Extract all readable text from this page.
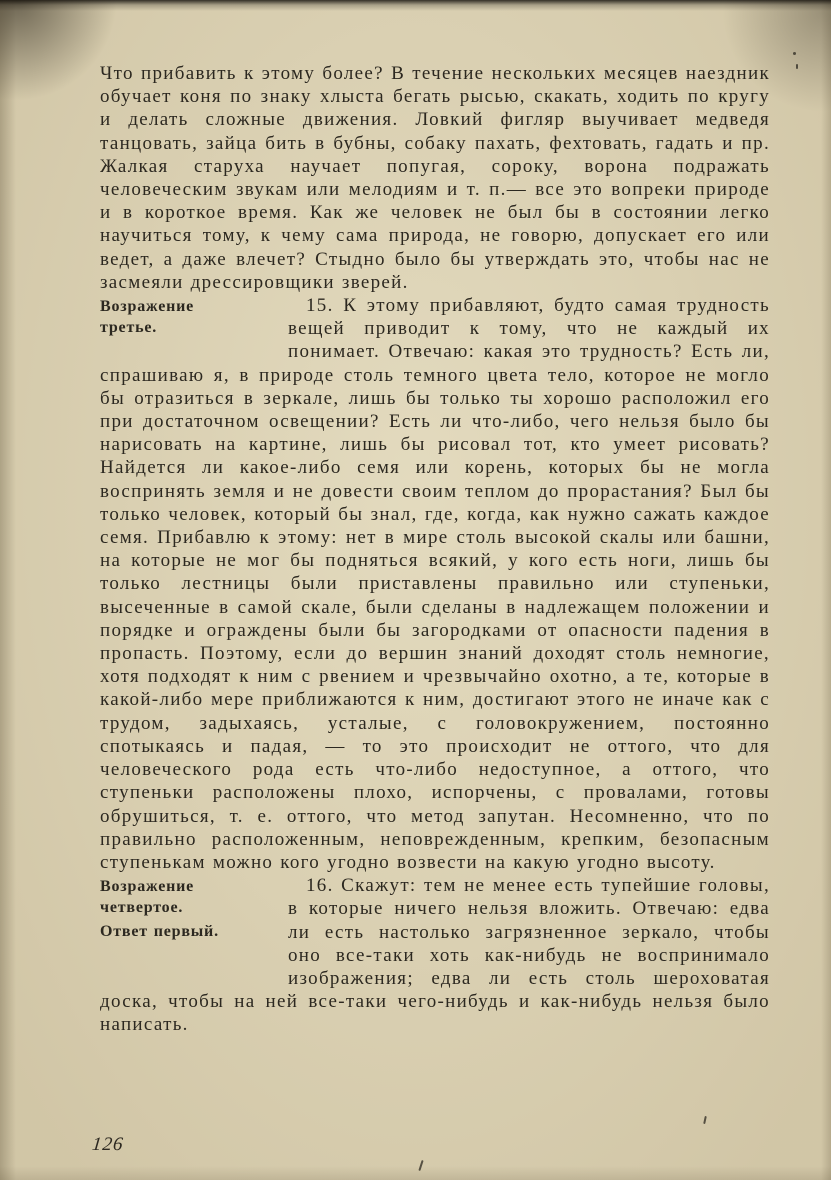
Что прибавить к этому более? В течение нескольких месяцев наездник обучает коня по знаку хлыста бегать рысью, скакать, ходить по кругу и делать сложные движения. Ловкий фигляр выучивает медведя танцовать, зайца бить в бубны, собаку пахать, фехтовать, гадать и пр. Жалкая старуха научает попугая, сороку, ворона подражать человеческим звукам или мелодиям и т. п.— все это вопреки природе и в короткое время. Как же человек не был бы в состоянии легко научиться тому, к чему сама природа, не говорю, допускает его или ведет, а даже влечет? Стыдно было бы утверждать это, чтобы нас не засмеяли дрессировщики зверей.

Возражение третье.
15. К этому прибавляют, будто самая трудность вещей приводит к тому, что не каждый их понимает. Отвечаю: какая это трудность? Есть ли, спрашиваю я, в природе столь темного цвета тело, которое не могло бы отразиться в зеркале, лишь бы только ты хорошо расположил его при достаточном освещении? Есть ли что-либо, чего нельзя было бы нарисовать на картине, лишь бы рисовал тот, кто умеет рисовать? Найдется ли какое-либо семя или корень, которых бы не могла воспринять земля и не довести своим теплом до прорастания? Был бы только человек, который бы знал, где, когда, как нужно сажать каждое семя. Прибавлю к этому: нет в мире столь высокой скалы или башни, на которые не мог бы подняться всякий, у кого есть ноги, лишь бы только лестницы были приставлены правильно или ступеньки, высеченные в самой скале, были сделаны в надлежащем положении и порядке и ограждены были бы загородками от опасности падения в пропасть. Поэтому, если до вершин знаний доходят столь немногие, хотя подходят к ним с рвением и чрезвычайно охотно, а те, которые в какой-либо мере приближаются к ним, достигают этого не иначе как с трудом, задыхаясь, усталые, с головокружением, постоянно спотыкаясь и падая, — то это происходит не оттого, что для человеческого рода есть что-либо недоступное, а оттого, что ступеньки расположены плохо, испорчены, с провалами, готовы обрушиться, т. е. оттого, что метод запутан. Несомненно, что по правильно расположенным, неповрежденным, крепким, безопасным ступенькам можно кого угодно возвести на какую угодно высоту.

Возражение четвертое.
Ответ первый.
16. Скажут: тем не менее есть тупейшие головы, в которые ничего нельзя вложить. Отвечаю: едва ли есть настолько загрязненное зеркало, чтобы оно все-таки хоть как-нибудь не воспринимало изображения; едва ли есть столь шероховатая доска, чтобы на ней все-таки чего-нибудь и как-нибудь нельзя было написать.

126
